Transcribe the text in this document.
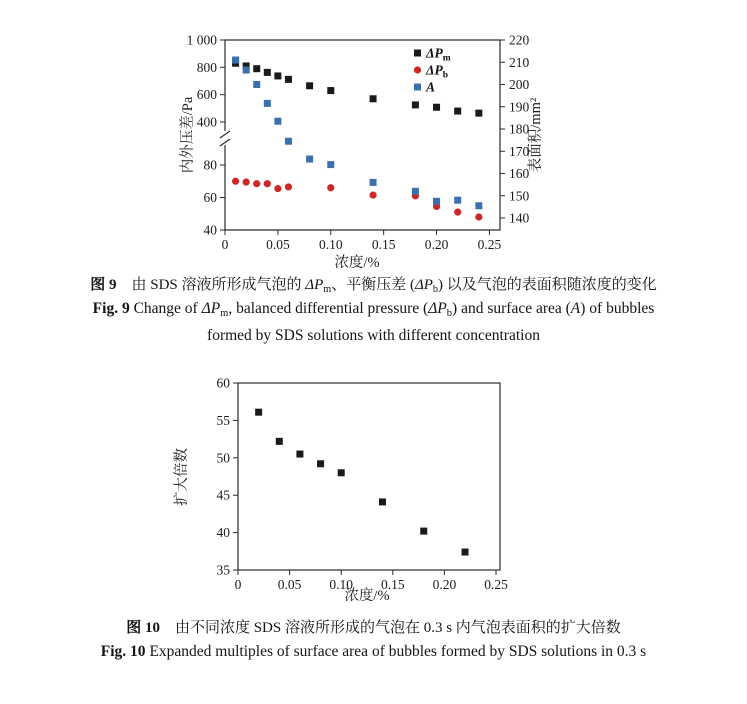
0	0.05 0.10 0.15 0.20 0.25
40
60
80
400
600
800
1 000
140
150
160
170
180
190
200
210
220
内外压差/Pa	表面积/mm²
浓度/%
$\Delta P_m$
$\Delta P_b$
A

图 9　由 SDS 溶液所形成气泡的 $\Delta P_m$、平衡压差 $(\Delta P_b)$ 以及气泡的表面积随浓度的变化

Fig. 9 Change of $\Delta P_m$, balanced differential pressure $(\Delta P_b)$ and surface area (A) of bubbles

formed by SDS solutions with different concentration

0	0.05 0.10 0.15 0.20 0.25
35
40
45
50
55
60
扩大倍数
浓度/%

图 10　由不同浓度 SDS 溶液所形成的气泡在 0.3 s 内气泡表面积的扩大倍数

Fig. 10 Expanded multiples of surface area of bubbles formed by SDS solutions in 0.3 s
